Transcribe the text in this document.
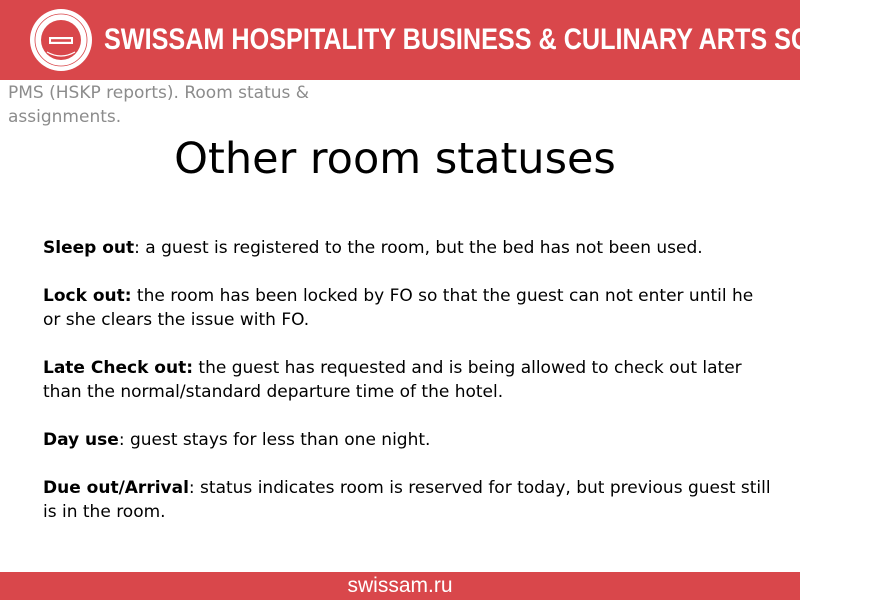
SWISSAM HOSPITALITY BUSINESS & CULINARY ARTS SCHOOL
PMS (HSKP reports). Room status & assignments.
Other room statuses

Sleep out: a guest is registered to the room, but the bed has not been used.

Lock out: the room has been locked by FO so that the guest can not enter until he or she clears the issue with FO.

Late Check out: the guest has requested and is being allowed to check out later than the normal/standard departure time of the hotel.

Day use: guest stays for less than one night.

Due out/Arrival: status indicates room is reserved for today, but previous guest still is in the room.

swissam.ru
